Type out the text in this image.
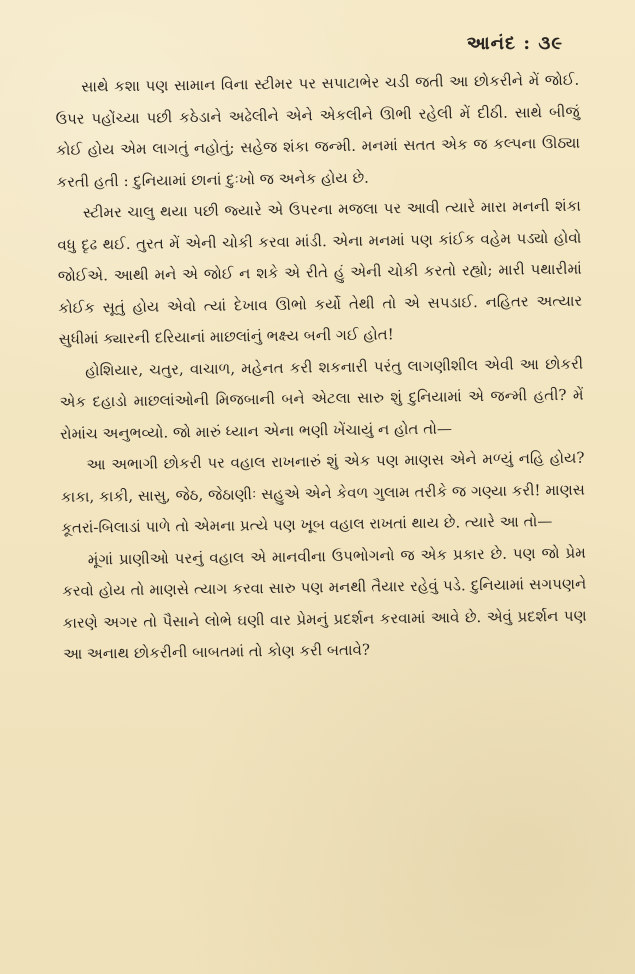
આનંદ : ૩૯

સાથે કશા પણ સામાન વિના સ્ટીમર પર સપાટાભેર ચડી જતી આ છોકરીને મેં જોઈ. ઉપર પહોંચ્યા પછી કઠેડાને અઢેલીને એને એકલીને ઊભી રહેલી મેં દીઠી. સાથે બીજું કોઈ હોય એમ લાગતું નહોતું; સહેજ શંકા જન્મી. મનમાં સતત એક જ કલ્પના ઊઠ્યા કરતી હતી : દુનિયામાં છાનાં દુઃખો જ અનેક હોય છે.

સ્ટીમર ચાલુ થયા પછી જ્યારે એ ઉપરના મજલા પર આવી ત્યારે મારા મનની શંકા વધુ દૃઢ થઈ. તુરત મેં એની ચોકી કરવા માંડી. એના મનમાં પણ કાંઈક વહેમ પડ્યો હોવો જોઈએ. આથી મને એ જોઈ ન શકે એ રીતે હું એની ચોકી કરતો રહ્યો; મારી પથારીમાં કોઈક સૂતું હોય એવો ત્યાં દેખાવ ઊભો કર્યો તેથી તો એ સપડાઈ. નહિતર અત્યાર સુધીમાં ક્યારની દરિયાનાં માછલાંનું ભક્ષ્ય બની ગઈ હોત!

હોશિયાર, ચતુર, વાચાળ, મહેનત કરી શકનારી પરંતુ લાગણીશીલ એવી આ છોકરી એક દહાડો માછલાંઓની મિજબાની બને એટલા સારુ શું દુનિયામાં એ જન્મી હતી? મેં રોમાંચ અનુભવ્યો. જો મારું ધ્યાન એના ભણી ખેંચાયું ન હોત તો—

આ અભાગી છોકરી પર વહાલ રાખનારું શું એક પણ માણસ એને મળ્યું નહિ હોય? કાકા, કાકી, સાસુ, જેઠ, જેઠાણીઃ સહુએ એને કેવળ ગુલામ તરીકે જ ગણ્યા કરી! માણસ કૂતરાં-બિલાડાં પાળે તો એમના પ્રત્યે પણ ખૂબ વહાલ રાખતાં થાય છે. ત્યારે આ તો—

મૂંગાં પ્રાણીઓ પરનું વહાલ એ માનવીના ઉપભોગનો જ એક પ્રકાર છે. પણ જો પ્રેમ કરવો હોય તો માણસે ત્યાગ કરવા સારુ પણ મનથી તૈયાર રહેવું પડે. દુનિયામાં સગપણને કારણે અગર તો પૈસાને લોભે ઘણી વાર પ્રેમનું પ્રદર્શન કરવામાં આવે છે. એવું પ્રદર્શન પણ આ અનાથ છોકરીની બાબતમાં તો કોણ કરી બતાવે?
